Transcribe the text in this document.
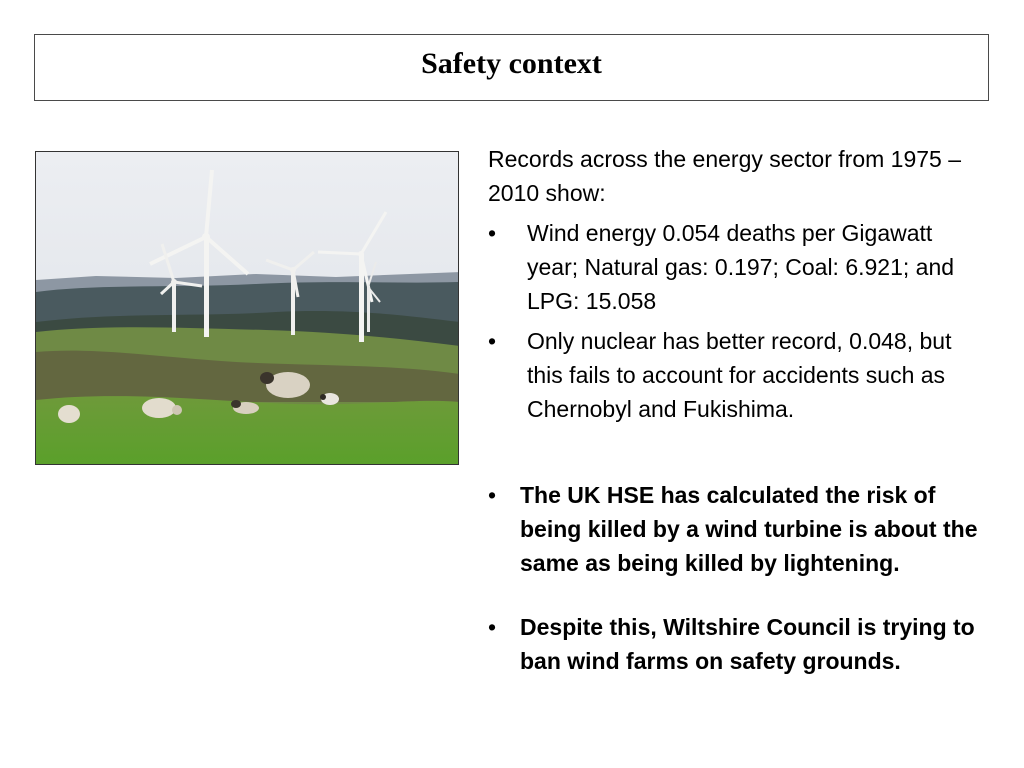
Safety context

Records across the energy sector from 1975 – 2010 show:

• Wind energy 0.054 deaths per Gigawatt year; Natural gas: 0.197; Coal: 6.921; and LPG: 15.058
• Only nuclear has better record, 0.048, but this fails to account for accidents such as Chernobyl and Fukishima.
• The UK HSE has calculated the risk of being killed by a wind turbine is about the same as being killed by lightening.
• Despite this, Wiltshire Council is trying to ban wind farms on safety grounds.
